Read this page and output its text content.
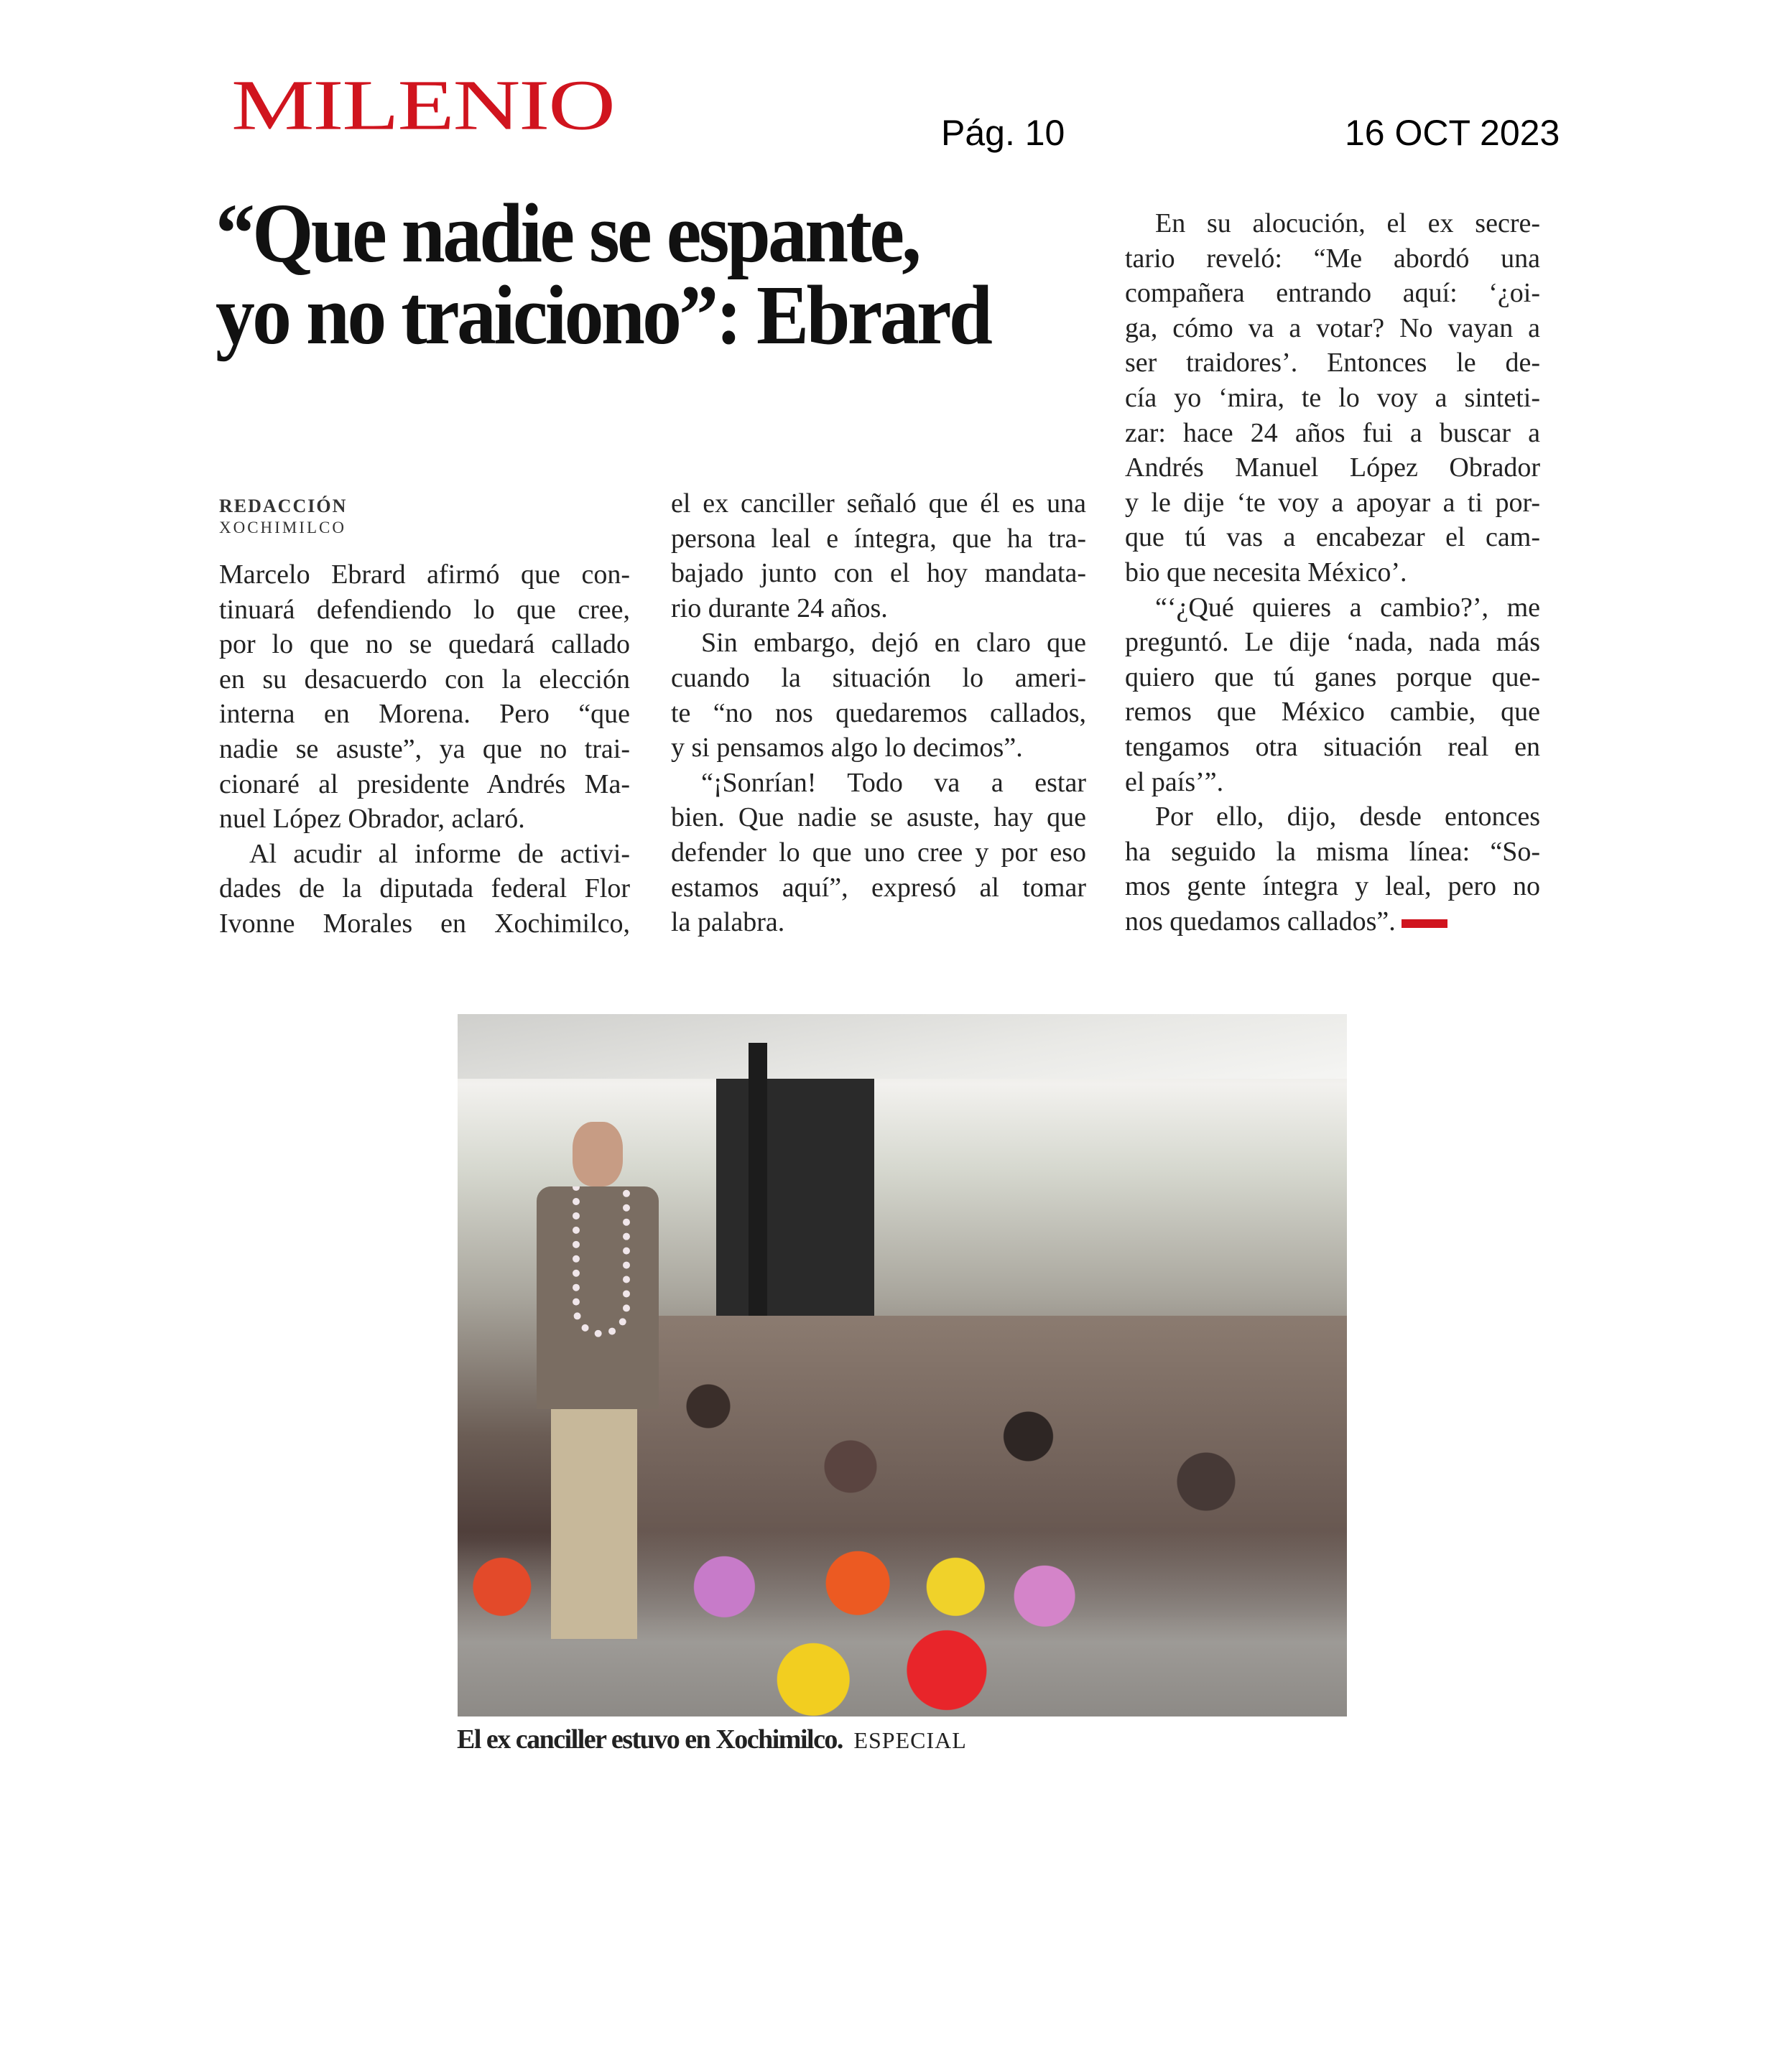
MILENIO	Pág. 10	16 OCT 2023
“Que nadie se espante,
yo no traiciono”: Ebrard
REDACCIÓN
XOCHIMILCO
Marcelo Ebrard afirmó que con-
tinuará defendiendo lo que cree,
por lo que no se quedará callado
en su desacuerdo con la elección
interna en Morena. Pero “que
nadie se asuste”, ya que no trai-
cionaré al presidente Andrés Ma-
nuel López Obrador, aclaró.
Al acudir al informe de activi-
dades de la diputada federal Flor
Ivonne Morales en Xochimilco,
el ex canciller señaló que él es una
persona leal e íntegra, que ha tra-
bajado junto con el hoy mandata-
rio durante 24 años.
Sin embargo, dejó en claro que
cuando la situación lo ameri-
te “no nos quedaremos callados,
y si pensamos algo lo decimos”.
“¡Sonrían! Todo va a estar
bien. Que nadie se asuste, hay que
defender lo que uno cree y por eso
estamos aquí”, expresó al tomar
la palabra.
En su alocución, el ex secre-
tario reveló: “Me abordó una
compañera entrando aquí: ‘¿oi-
ga, cómo va a votar? No vayan a
ser traidores’. Entonces le de-
cía yo ‘mira, te lo voy a sinteti-
zar: hace 24 años fui a buscar a
Andrés Manuel López Obrador
y le dije ‘te voy a apoyar a ti por-
que tú vas a encabezar el cam-
bio que necesita México’.
“‘¿Qué quieres a cambio?’, me
preguntó. Le dije ‘nada, nada más
quiero que tú ganes porque que-
remos que México cambie, que
tengamos otra situación real en
el país’”.
Por ello, dijo, desde entonces
ha seguido la misma línea: “So-
mos gente íntegra y leal, pero no
nos quedamos callados”.
El ex canciller estuvo en Xochimilco. ESPECIAL
